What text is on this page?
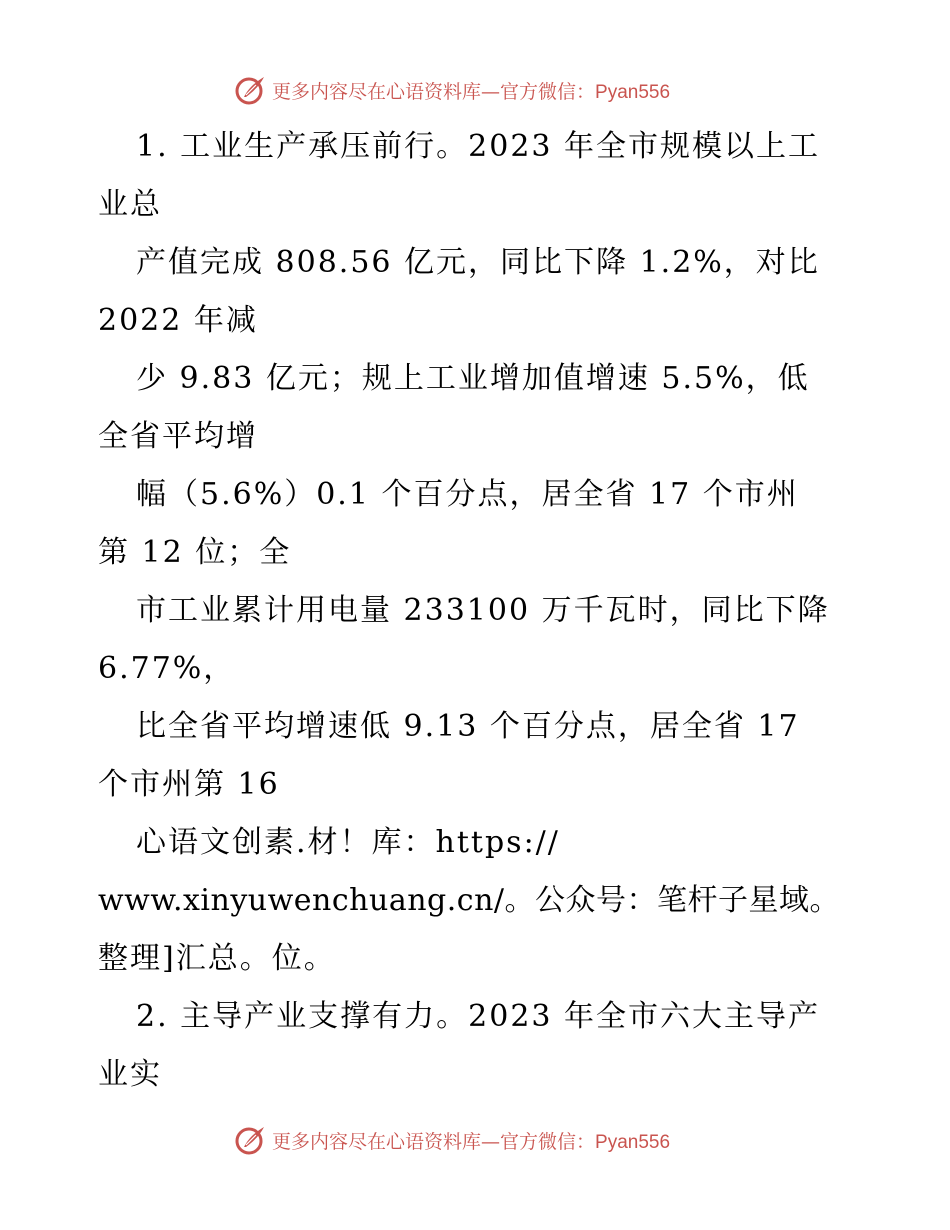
更多内容尽在心语资料库—官方微信：Pyan556
1. 工业生产承压前行。2023 年全市规模以上工
业总
产值完成 808.56 亿元，同比下降 1.2%，对比
2022 年减
少 9.83 亿元；规上工业增加值增速 5.5%，低
全省平均增
幅（5.6%）0.1 个百分点，居全省 17 个市州
第 12 位；全
市工业累计用电量 233100 万千瓦时，同比下降
6.77%，
比全省平均增速低 9.13 个百分点，居全省 17
个市州第 16
心语文创素.材！库：https://
www.xinyuwenchuang.cn/。公众号：笔杆子星域。
整理]汇总。位。
2. 主导产业支撑有力。2023 年全市六大主导产
业实
更多内容尽在心语资料库—官方微信：Pyan556
